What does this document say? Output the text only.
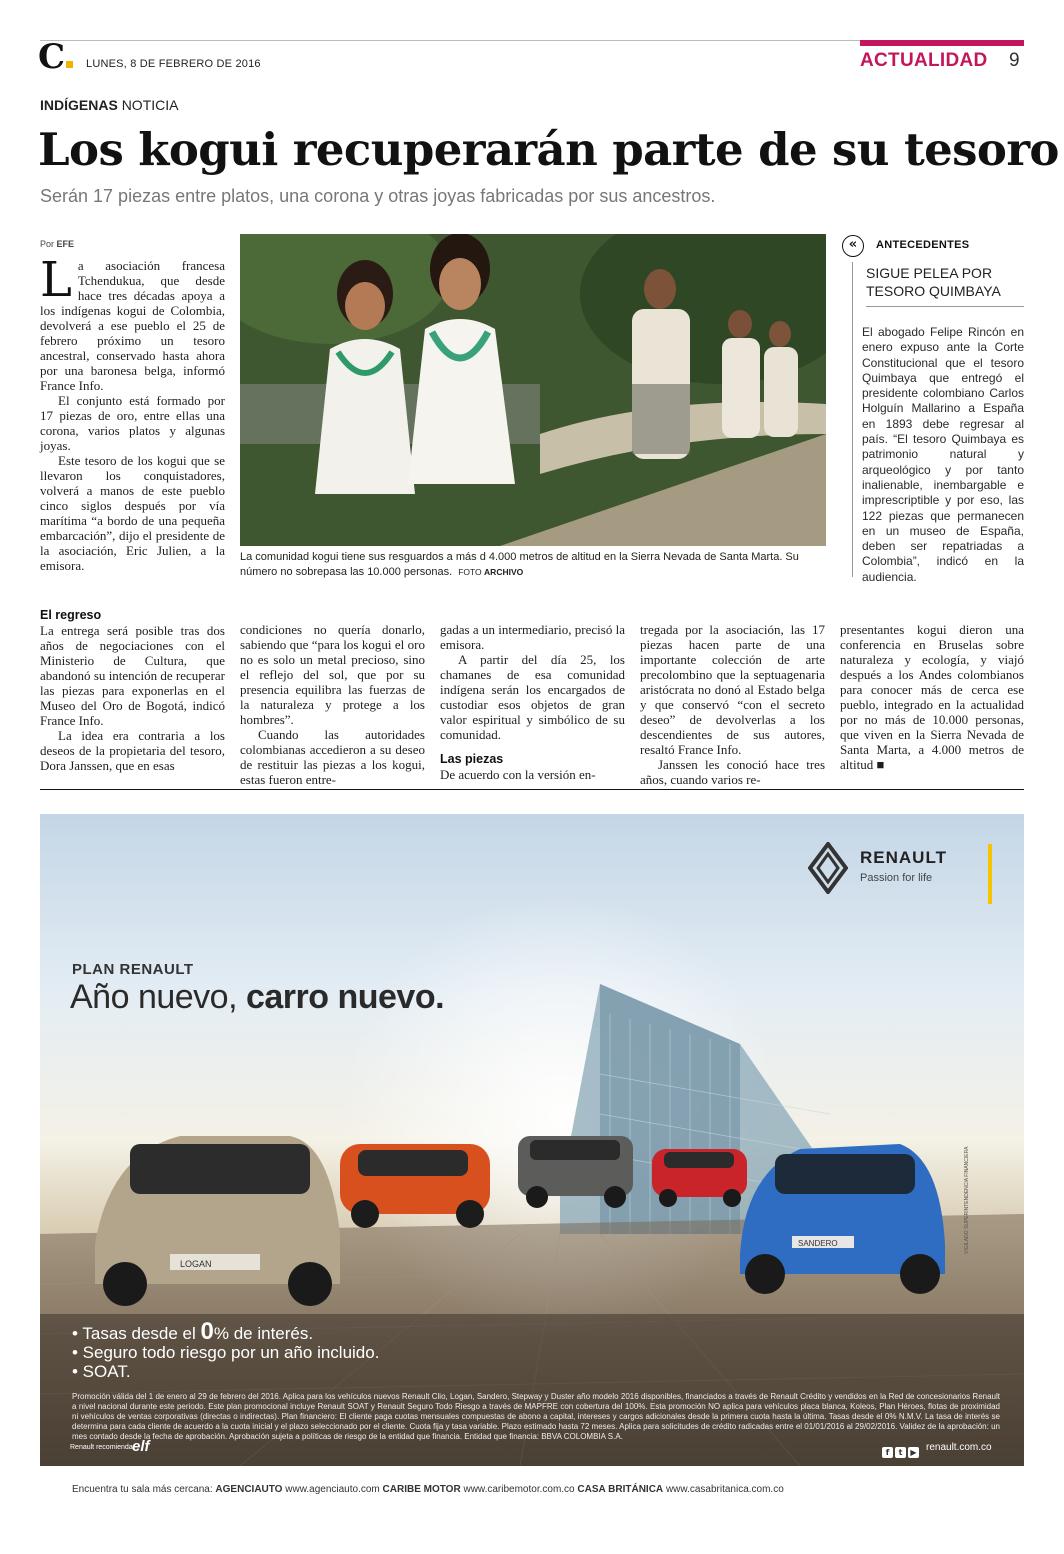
C	LUNES, 8 DE FEBRERO DE 2016	ACTUALIDAD 9
INDÍGENAS NOTICIA
Los kogui recuperarán parte de su tesoro
Serán 17 piezas entre platos, una corona y otras joyas fabricadas por sus ancestros.
Por EFE
L a asociación francesa Tchendukua, que desde hace tres décadas apoya a los indígenas kogui de Colombia, devolverá a ese pueblo el 25 de febrero próximo un tesoro ancestral, conservado hasta ahora por una baronesa belga, informó France Info.

El conjunto está formado por 17 piezas de oro, entre ellas una corona, varios platos y algunas joyas.

Este tesoro de los kogui que se llevaron los conquistadores, volverá a manos de este pueblo cinco siglos después por vía marítima “a bordo de una pequeña embarcación”, dijo el presidente de la asociación, Eric Julien, a la emisora.

La comunidad kogui tiene sus resguardos a más d 4.000 metros de altitud en la Sierra Nevada de Santa Marta. Su número no sobrepasa las 10.000 personas. FOTO ARCHIVO
«	ANTECEDENTES
SIGUE PELEA POR TESORO QUIMBAYA
El abogado Felipe Rincón en enero expuso ante la Corte Constitucional que el tesoro Quimbaya que entregó el presidente colombiano Carlos Holguín Mallarino a España en 1893 debe regresar al país. “El tesoro Quimbaya es patrimonio natural y arqueológico y por tanto inalienable, inembargable e imprescriptible y por eso, las 122 piezas que permanecen en un museo de España, deben ser repatriadas a Colombia”, indicó en la audiencia.
El regreso

La entrega será posible tras dos años de negociaciones con el Ministerio de Cultura, que abandonó su intención de recuperar las piezas para exponerlas en el Museo del Oro de Bogotá, indicó France Info.

La idea era contraria a los deseos de la propietaria del tesoro, Dora Janssen, que en esas

condiciones no quería donarlo, sabiendo que “para los kogui el oro no es solo un metal precioso, sino el reflejo del sol, que por su presencia equilibra las fuerzas de la naturaleza y protege a los hombres”.

Cuando las autoridades colombianas accedieron a su deseo de restituir las piezas a los kogui, estas fueron entre-

gadas a un intermediario, precisó la emisora.

A partir del día 25, los chamanes de esa comunidad indígena serán los encargados de custodiar esos objetos de gran valor espiritual y simbólico de su comunidad.

Las piezas

De acuerdo con la versión en-

tregada por la asociación, las 17 piezas hacen parte de una importante colección de arte precolombino que la septuagenaria aristócrata no donó al Estado belga y que conservó “con el secreto deseo” de devolverlas a los descendientes de sus autores, resaltó France Info.

Janssen les conoció hace tres años, cuando varios re-

presentantes kogui dieron una conferencia en Bruselas sobre naturaleza y ecología, y viajó después a los Andes colombianos para conocer más de cerca ese pueblo, integrado en la actualidad por no más de 10.000 personas, que viven en la Sierra Nevada de Santa Marta, a 4.000 metros de altitud ■

LOGAN
SANDERO
RENAULT
Passion for life
PLAN RENAULT
Año nuevo, carro nuevo.
VIGILADO SUPERINTENDENCIA FINANCIERA
• Tasas desde el 0% de interés.
• Seguro todo riesgo por un año incluido.
• SOAT.
Promoción válida del 1 de enero al 29 de febrero del 2016. Aplica para los vehículos nuevos Renault Clio, Logan, Sandero, Stepway y Duster año modelo 2016 disponibles, financiados a través de Renault Crédito y vendidos en la Red de concesionarios Renault a nivel nacional durante este periodo. Este plan promocional incluye Renault SOAT y Renault Seguro Todo Riesgo a través de MAPFRE con cobertura del 100%. Esta promoción NO aplica para vehículos placa blanca, Koleos, Plan Héroes, flotas de proximidad ni vehículos de ventas corporativas (directas o indirectas). Plan financiero: El cliente paga cuotas mensuales compuestas de abono a capital, intereses y cargos adicionales desde la primera cuota hasta la última. Tasas desde el 0% N.M.V. La tasa de interés se determina para cada cliente de acuerdo a la cuota inicial y el plazo seleccionado por el cliente. Cuota fija y tasa variable. Plazo estimado hasta 72 meses. Aplica para solicitudes de crédito radicadas entre el 01/01/2016 al 29/02/2016. Validez de la aprobación: un mes contado desde la fecha de aprobación. Aprobación sujeta a políticas de riesgo de la entidad que financia. Entidad que financia: BBVA COLOMBIA S.A.
Renault recomienda elf	f t ▶ renault.com.co
Encuentra tu sala más cercana: AGENCIAUTO www.agenciauto.com CARIBE MOTOR www.caribemotor.com.co CASA BRITÁNICA www.casabritanica.com.co
